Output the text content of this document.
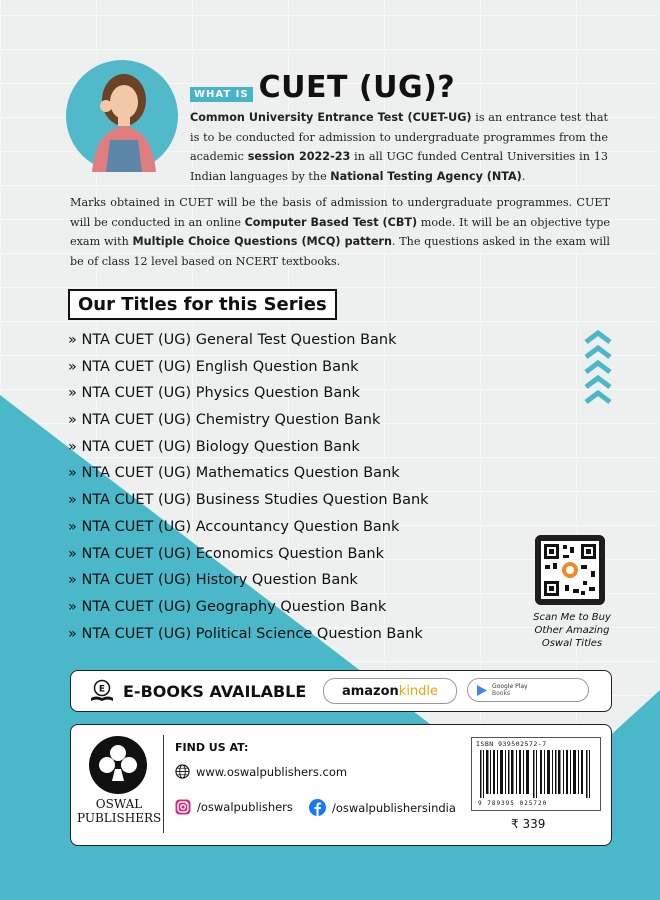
WHAT IS CUET (UG)?
Common University Entrance Test (CUET-UG) is an entrance test that is to be conducted for admission to undergraduate programmes from the academic session 2022-23 in all UGC funded Central Universities in 13 Indian languages by the National Testing Agency (NTA).
Marks obtained in CUET will be the basis of admission to undergraduate programmes. CUET will be conducted in an online Computer Based Test (CBT) mode. It will be an objective type exam with Multiple Choice Questions (MCQ) pattern. The questions asked in the exam will be of class 12 level based on NCERT textbooks.
Our Titles for this Series
» NTA CUET (UG) General Test Question Bank
» NTA CUET (UG) English Question Bank
» NTA CUET (UG) Physics Question Bank
» NTA CUET (UG) Chemistry Question Bank
» NTA CUET (UG) Biology Question Bank
» NTA CUET (UG) Mathematics Question Bank
» NTA CUET (UG) Business Studies Question Bank
» NTA CUET (UG) Accountancy Question Bank
» NTA CUET (UG) Economics Question Bank
» NTA CUET (UG) History Question Bank
» NTA CUET (UG) Geography Question Bank
» NTA CUET (UG) Political Science Question Bank
Scan Me to Buy
Other Amazing
Oswal Titles
E E-BOOKS AVAILABLE	amazon kindle	Google Play
Books
OSWAL
PUBLISHERS
FIND US AT:
www.oswalpublishers.com
/oswalpublishers	/oswalpublishersindia
ISBN 939502572-7
9 789395 025720
₹ 339
